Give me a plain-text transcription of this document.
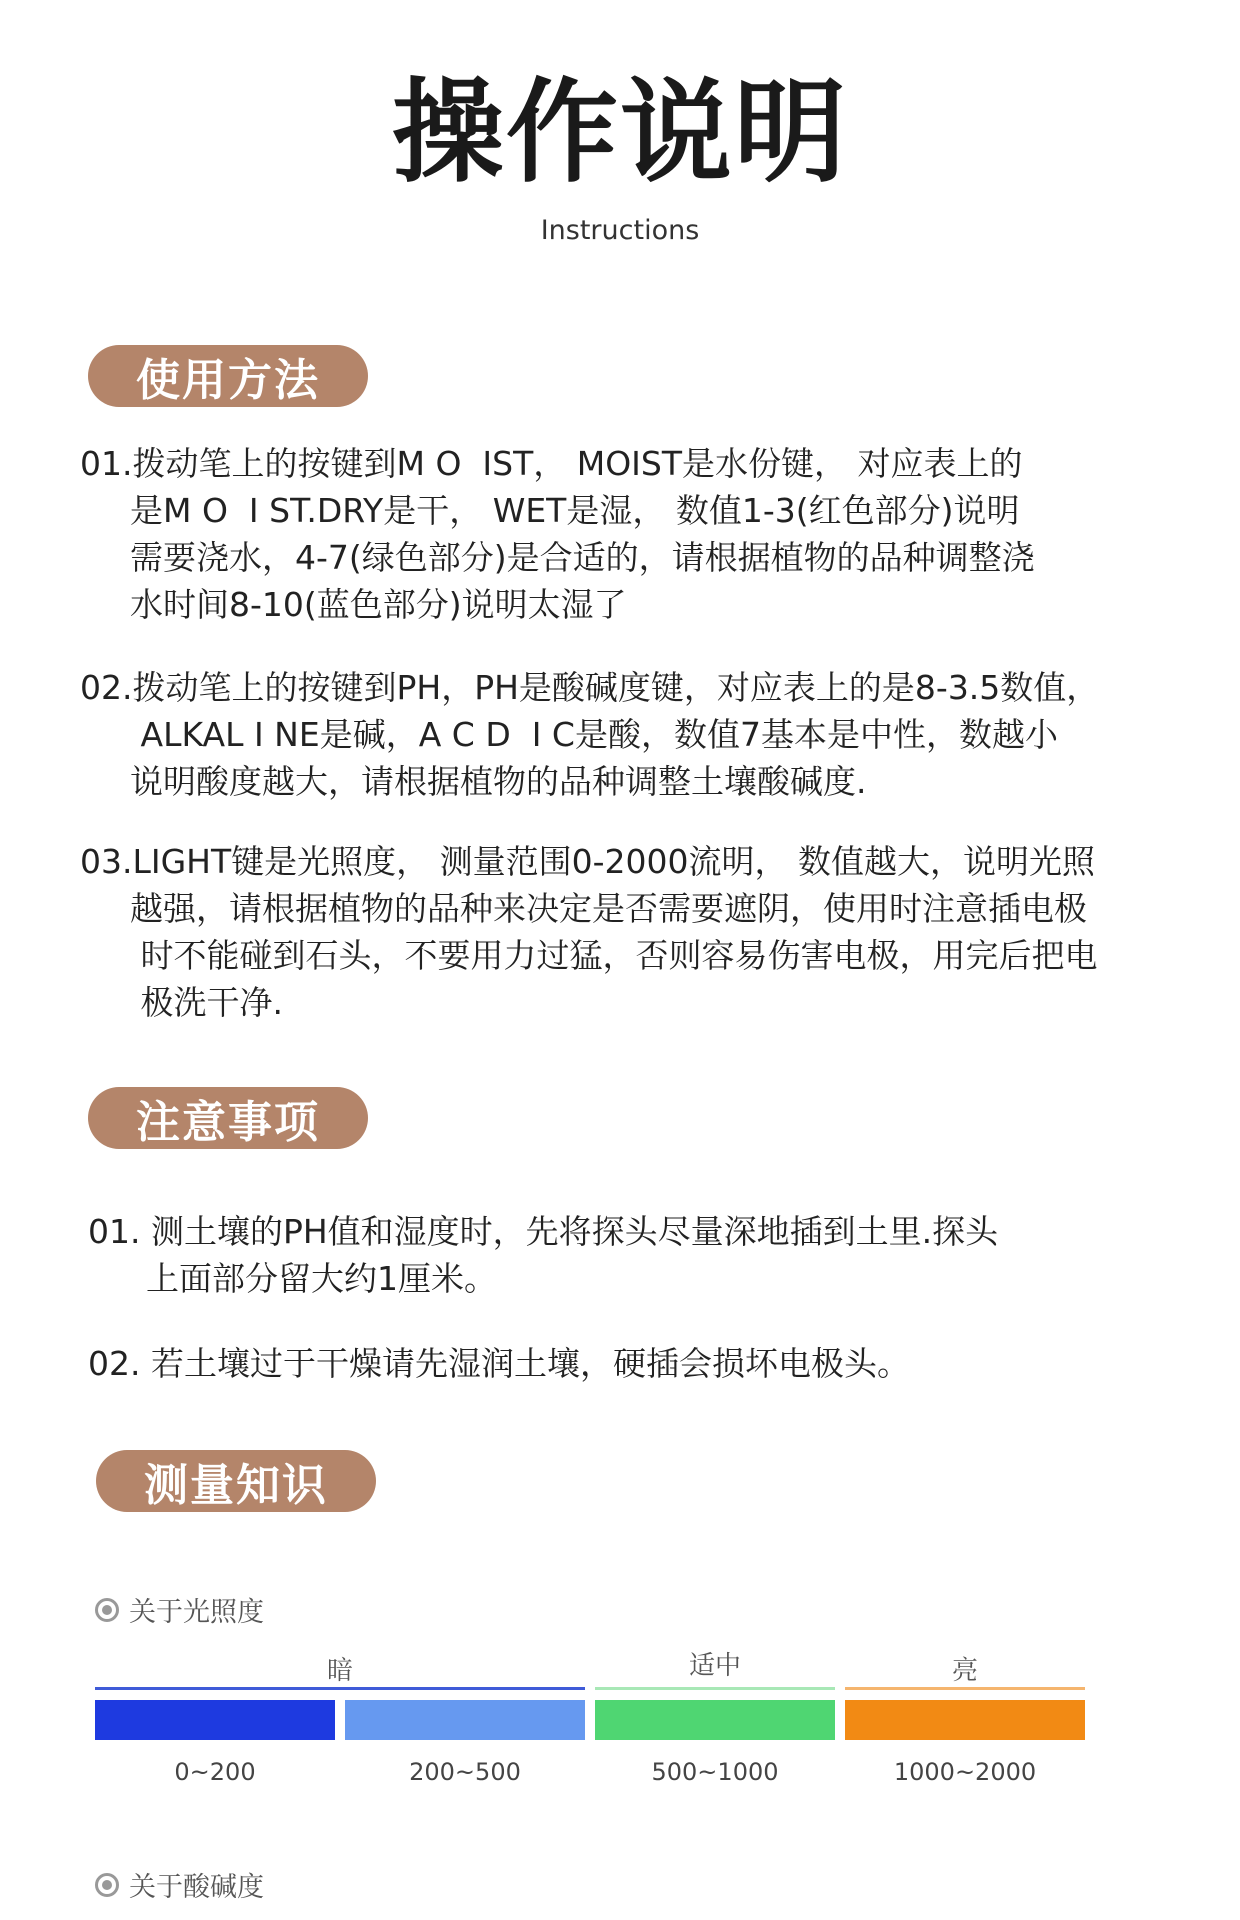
操作说明
Instructions
使用方法
01.拨动笔上的按键到M O  IST， MOIST是水份键， 对应表上的
是M O  I ST.DRY是干， WET是湿， 数值1-3(红色部分)说明
需要浇水，4-7(绿色部分)是合适的，请根据植物的品种调整浇
水时间8-10(蓝色部分)说明太湿了
02.拨动笔上的按键到PH，PH是酸碱度键，对应表上的是8-3.5数值，
ALKAL I NE是碱，A C D  I C是酸，数值7基本是中性，数越小
说明酸度越大，请根据植物的品种调整土壤酸碱度.
03.LIGHT键是光照度， 测量范围0-2000流明， 数值越大，说明光照
越强，请根据植物的品种来决定是否需要遮阴，使用时注意插电极
时不能碰到石头，不要用力过猛，否则容易伤害电极，用完后把电
极洗干净.
注意事项
01. 测土壤的PH值和湿度时，先将探头尽量深地插到土里.探头
上面部分留大约1厘米。
02. 若土壤过于干燥请先湿润土壤，硬插会损坏电极头。
测量知识
关于光照度
暗	适中	亮
0~200	200~500	500~1000	1000~2000
关于酸碱度
